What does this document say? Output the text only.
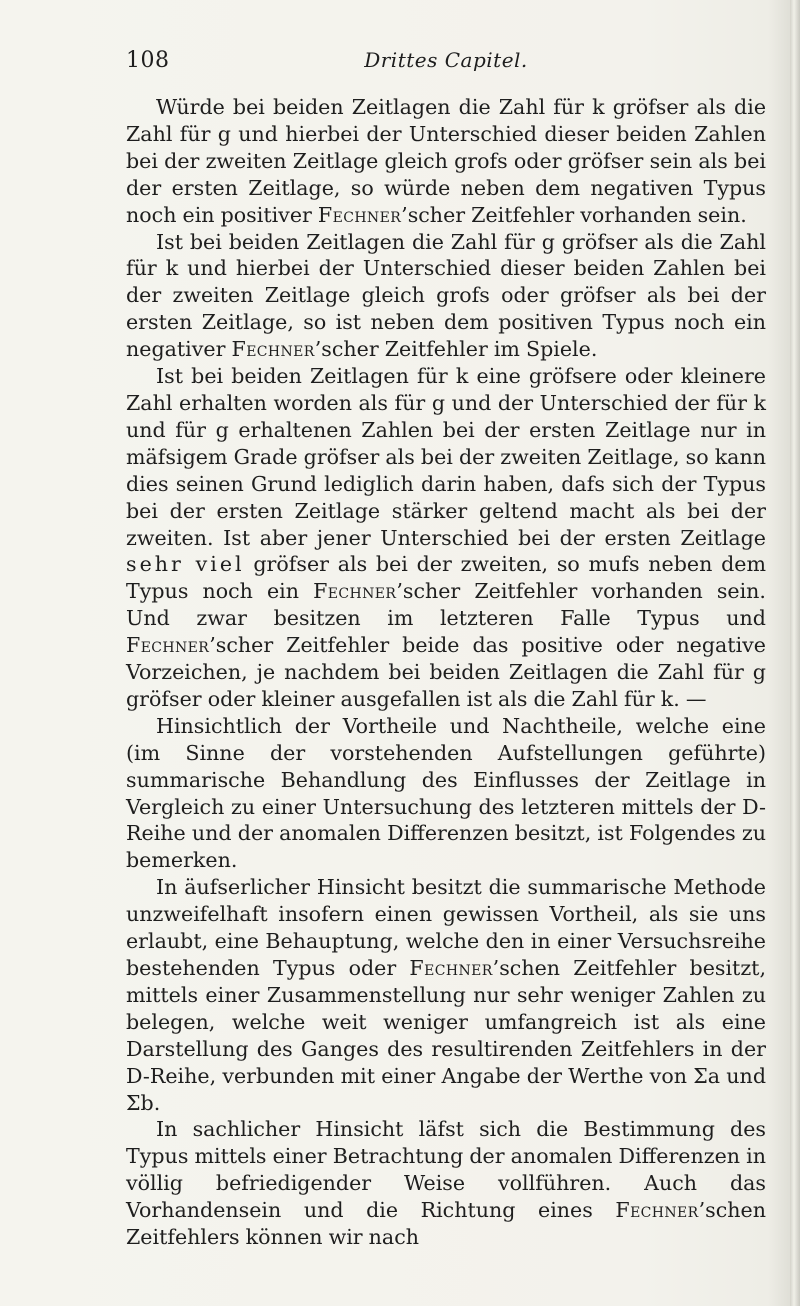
108	Drittes Capitel.

Würde bei beiden Zeitlagen die Zahl für k gröfser als die Zahl für g und hierbei der Unterschied dieser beiden Zahlen bei der zweiten Zeitlage gleich grofs oder gröfser sein als bei der ersten Zeitlage, so würde neben dem negativen Typus noch ein positiver Fechner’scher Zeitfehler vorhanden sein.

Ist bei beiden Zeitlagen die Zahl für g gröfser als die Zahl für k und hierbei der Unterschied dieser beiden Zahlen bei der zweiten Zeitlage gleich grofs oder gröfser als bei der ersten Zeitlage, so ist neben dem positiven Typus noch ein negativer Fechner’scher Zeitfehler im Spiele.

Ist bei beiden Zeitlagen für k eine gröfsere oder kleinere Zahl erhalten worden als für g und der Unterschied der für k und für g erhaltenen Zahlen bei der ersten Zeitlage nur in mäfsigem Grade gröfser als bei der zweiten Zeitlage, so kann dies seinen Grund lediglich darin haben, dafs sich der Typus bei der ersten Zeitlage stärker geltend macht als bei der zweiten. Ist aber jener Unterschied bei der ersten Zeitlage sehr viel gröfser als bei der zweiten, so mufs neben dem Typus noch ein Fechner’scher Zeitfehler vorhanden sein. Und zwar besitzen im letzteren Falle Typus und Fechner’scher Zeitfehler beide das positive oder negative Vorzeichen, je nachdem bei beiden Zeitlagen die Zahl für g gröfser oder kleiner ausgefallen ist als die Zahl für k. —

Hinsichtlich der Vortheile und Nachtheile, welche eine (im Sinne der vorstehenden Aufstellungen geführte) summarische Behandlung des Einflusses der Zeitlage in Vergleich zu einer Untersuchung des letzteren mittels der D-Reihe und der anomalen Differenzen besitzt, ist Folgendes zu bemerken.

In äufserlicher Hinsicht besitzt die summarische Methode unzweifelhaft insofern einen gewissen Vortheil, als sie uns erlaubt, eine Behauptung, welche den in einer Versuchsreihe bestehenden Typus oder Fechner’schen Zeitfehler besitzt, mittels einer Zusammenstellung nur sehr weniger Zahlen zu belegen, welche weit weniger umfangreich ist als eine Darstellung des Ganges des resultirenden Zeitfehlers in der D-Reihe, verbunden mit einer Angabe der Werthe von Σa und Σb.

In sachlicher Hinsicht läfst sich die Bestimmung des Typus mittels einer Betrachtung der anomalen Differenzen in völlig befriedigender Weise vollführen. Auch das Vorhandensein und die Richtung eines Fechner’schen Zeitfehlers können wir nach
